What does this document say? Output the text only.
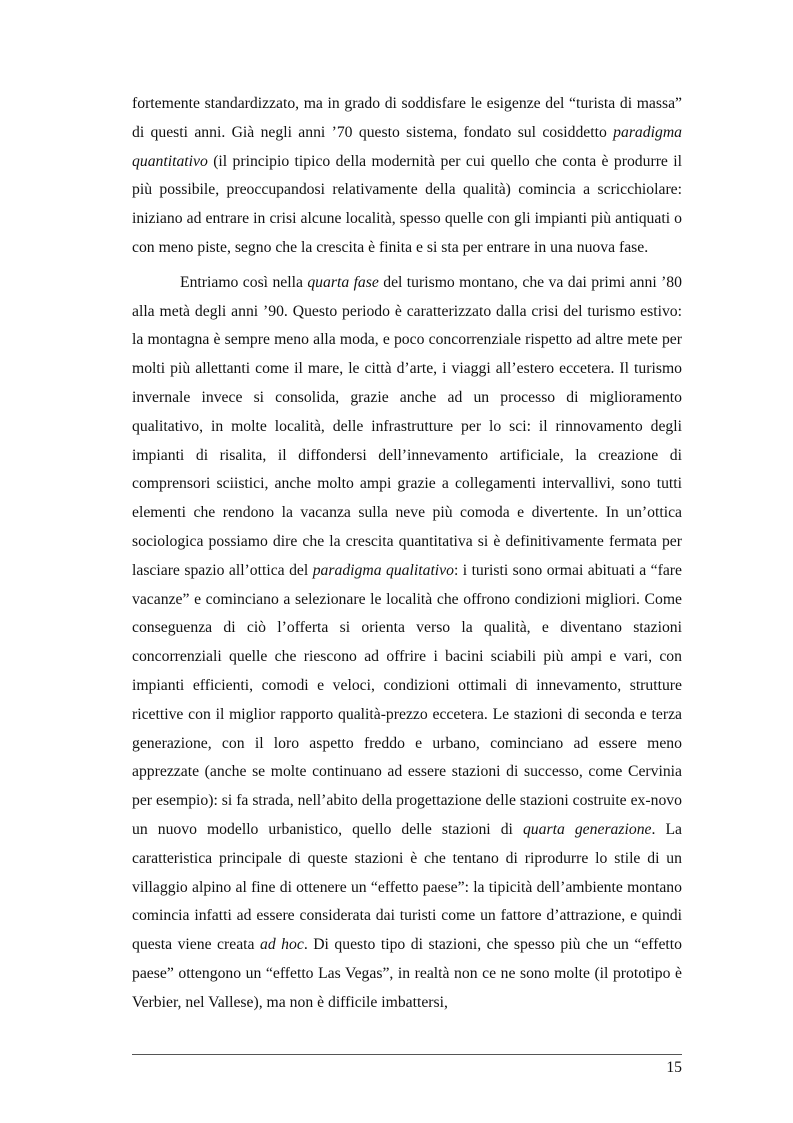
fortemente standardizzato, ma in grado di soddisfare le esigenze del “turista di massa” di questi anni. Già negli anni ’70 questo sistema, fondato sul cosiddetto paradigma quantitativo (il principio tipico della modernità per cui quello che conta è produrre il più possibile, preoccupandosi relativamente della qualità) comincia a scricchiolare: iniziano ad entrare in crisi alcune località, spesso quelle con gli impianti più antiquati o con meno piste, segno che la crescita è finita e si sta per entrare in una nuova fase.

Entriamo così nella quarta fase del turismo montano, che va dai primi anni ’80 alla metà degli anni ’90. Questo periodo è caratterizzato dalla crisi del turismo estivo: la montagna è sempre meno alla moda, e poco concorrenziale rispetto ad altre mete per molti più allettanti come il mare, le città d’arte, i viaggi all’estero eccetera. Il turismo invernale invece si consolida, grazie anche ad un processo di miglioramento qualitativo, in molte località, delle infrastrutture per lo sci: il rinnovamento degli impianti di risalita, il diffondersi dell’innevamento artificiale, la creazione di comprensori sciistici, anche molto ampi grazie a collegamenti intervallivi, sono tutti elementi che rendono la vacanza sulla neve più comoda e divertente. In un’ottica sociologica possiamo dire che la crescita quantitativa si è definitivamente fermata per lasciare spazio all’ottica del paradigma qualitativo: i turisti sono ormai abituati a “fare vacanze” e cominciano a selezionare le località che offrono condizioni migliori. Come conseguenza di ciò l’offerta si orienta verso la qualità, e diventano stazioni concorrenziali quelle che riescono ad offrire i bacini sciabili più ampi e vari, con impianti efficienti, comodi e veloci, condizioni ottimali di innevamento, strutture ricettive con il miglior rapporto qualità-prezzo eccetera. Le stazioni di seconda e terza generazione, con il loro aspetto freddo e urbano, cominciano ad essere meno apprezzate (anche se molte continuano ad essere stazioni di successo, come Cervinia per esempio): si fa strada, nell’abito della progettazione delle stazioni costruite ex-novo un nuovo modello urbanistico, quello delle stazioni di quarta generazione. La caratteristica principale di queste stazioni è che tentano di riprodurre lo stile di un villaggio alpino al fine di ottenere un “effetto paese”: la tipicità dell’ambiente montano comincia infatti ad essere considerata dai turisti come un fattore d’attrazione, e quindi questa viene creata ad hoc. Di questo tipo di stazioni, che spesso più che un “effetto paese” ottengono un “effetto Las Vegas”, in realtà non ce ne sono molte (il prototipo è Verbier, nel Vallese), ma non è difficile imbattersi,

15
